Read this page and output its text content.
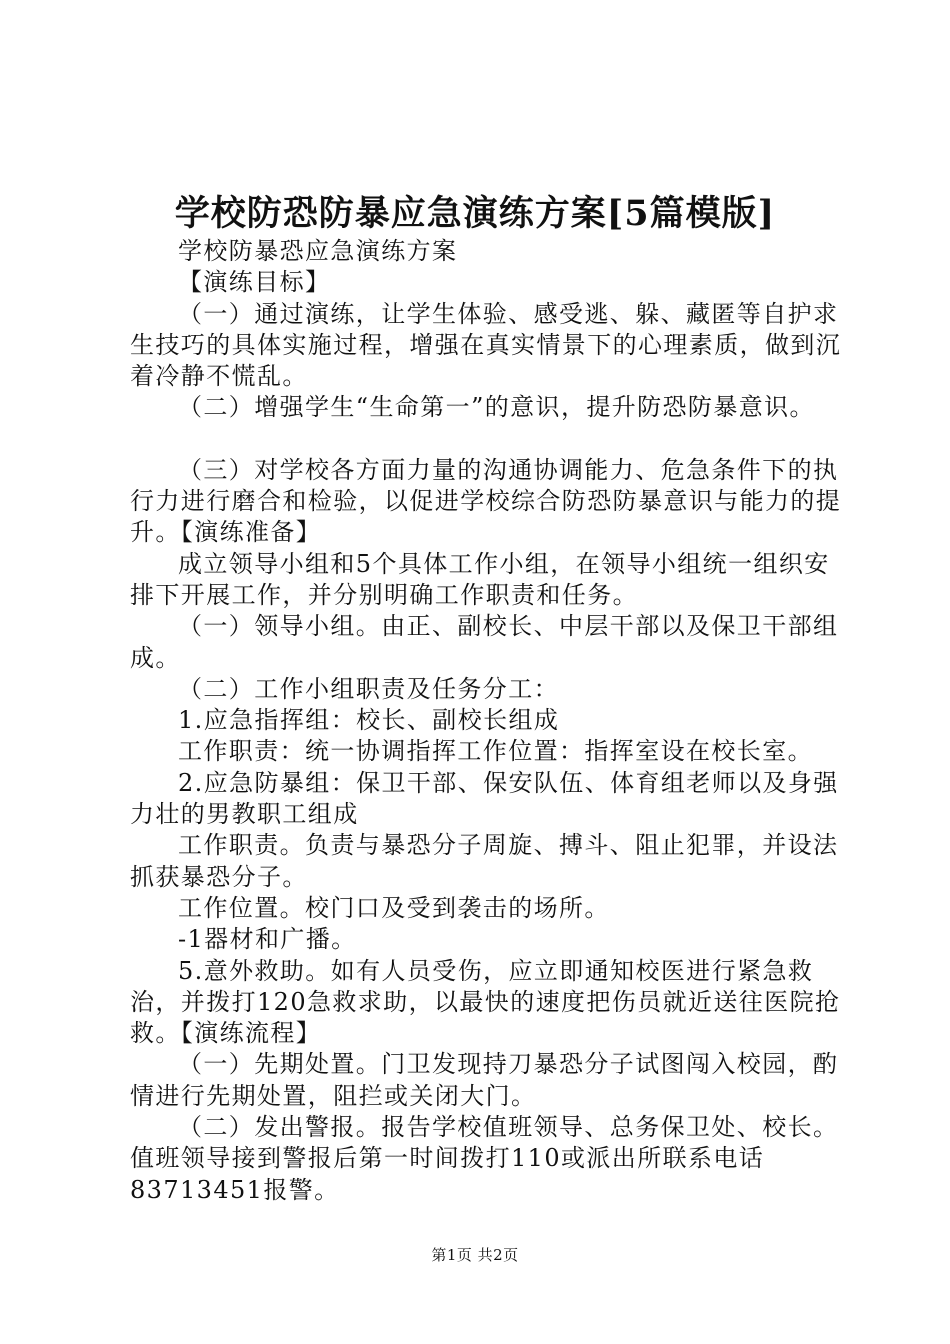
学校防恐防暴应急演练方案[5篇模版]

学校防暴恐应急演练方案

【演练目标】

（一）通过演练，让学生体验、感受逃、躲、藏匿等自护求生技巧的具体实施过程，增强在真实情景下的心理素质，做到沉着冷静不慌乱。

（二）增强学生“生命第一”的意识，提升防恐防暴意识。

（三）对学校各方面力量的沟通协调能力、危急条件下的执行力进行磨合和检验，以促进学校综合防恐防暴意识与能力的提升。【演练准备】

成立领导小组和5个具体工作小组，在领导小组统一组织安排下开展工作，并分别明确工作职责和任务。

（一）领导小组。由正、副校长、中层干部以及保卫干部组成。

（二）工作小组职责及任务分工：

1.应急指挥组：校长、副校长组成

工作职责：统一协调指挥工作位置：指挥室设在校长室。

2.应急防暴组：保卫干部、保安队伍、体育组老师以及身强力壮的男教职工组成

工作职责。负责与暴恐分子周旋、搏斗、阻止犯罪，并设法抓获暴恐分子。

工作位置。校门口及受到袭击的场所。

-1器材和广播。

5.意外救助。如有人员受伤，应立即通知校医进行紧急救治，并拨打120急救求助，以最快的速度把伤员就近送往医院抢救。【演练流程】

（一）先期处置。门卫发现持刀暴恐分子试图闯入校园，酌情进行先期处置，阻拦或关闭大门。

（二）发出警报。报告学校值班领导、总务保卫处、校长。值班领导接到警报后第一时间拨打110或派出所联系电话83713451报警。

第1页 共2页
